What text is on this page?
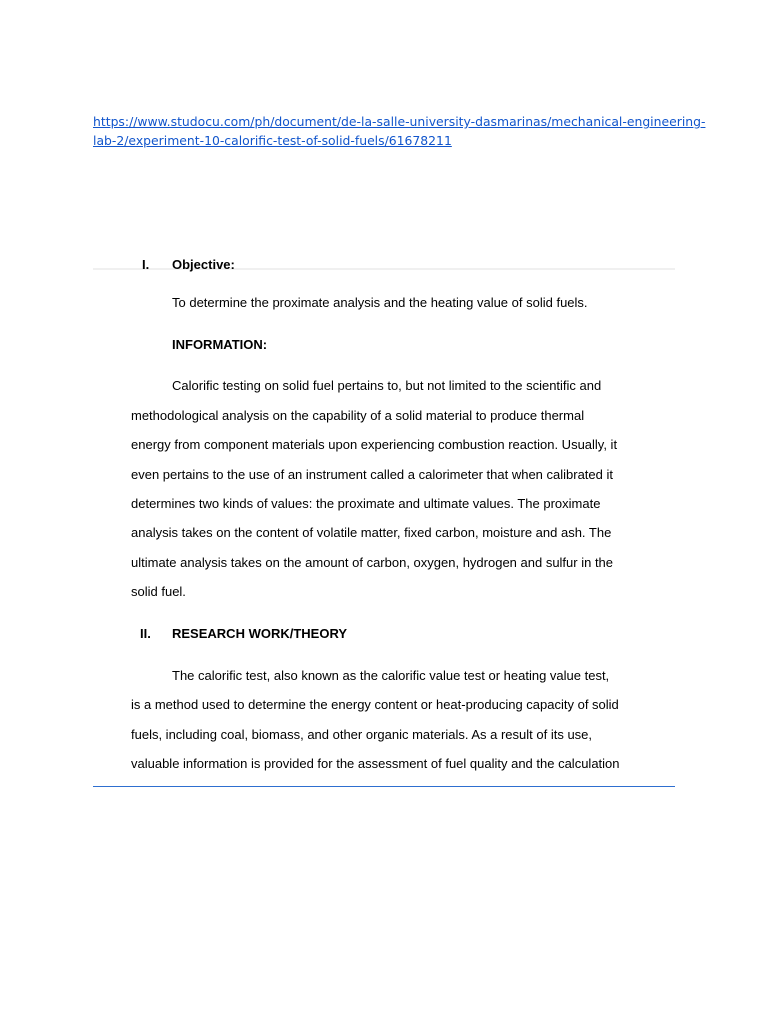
https://www.studocu.com/ph/document/de-la-salle-university-dasmarinas/mechanical-engineering-
lab-2/experiment-10-calorific-test-of-solid-fuels/61678211
I. Objective:
To determine the proximate analysis and the heating value of solid fuels.
INFORMATION:
Calorific testing on solid fuel pertains to, but not limited to the scientific and
methodological analysis on the capability of a solid material to produce thermal
energy from component materials upon experiencing combustion reaction. Usually, it
even pertains to the use of an instrument called a calorimeter that when calibrated it
determines two kinds of values: the proximate and ultimate values. The proximate
analysis takes on the content of volatile matter, fixed carbon, moisture and ash. The
ultimate analysis takes on the amount of carbon, oxygen, hydrogen and sulfur in the
solid fuel.
II. RESEARCH WORK/THEORY
The calorific test, also known as the calorific value test or heating value test,
is a method used to determine the energy content or heat-producing capacity of solid
fuels, including coal, biomass, and other organic materials. As a result of its use,
valuable information is provided for the assessment of fuel quality and the calculation
